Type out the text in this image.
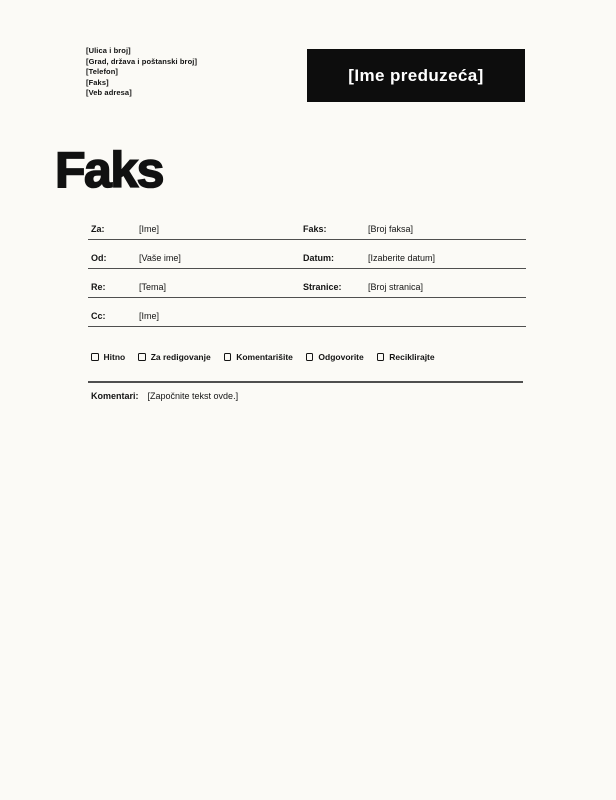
[Ulica i broj]
[Grad, država i poštanski broj]
[Telefon]
[Faks]
[Veb adresa]
[Ime preduzeća]
Faks
Za:	[Ime]	Faks:	[Broj faksa]
Od:	[Vaše ime]	Datum:	[Izaberite datum]
Re:	[Tema]	Stranice:	[Broj stranica]
Cc:	[Ime]
Hitno	Za redigovanje	Komentarišite	Odgovorite	Reciklirajte
Komentari: [Započnite tekst ovde.]
